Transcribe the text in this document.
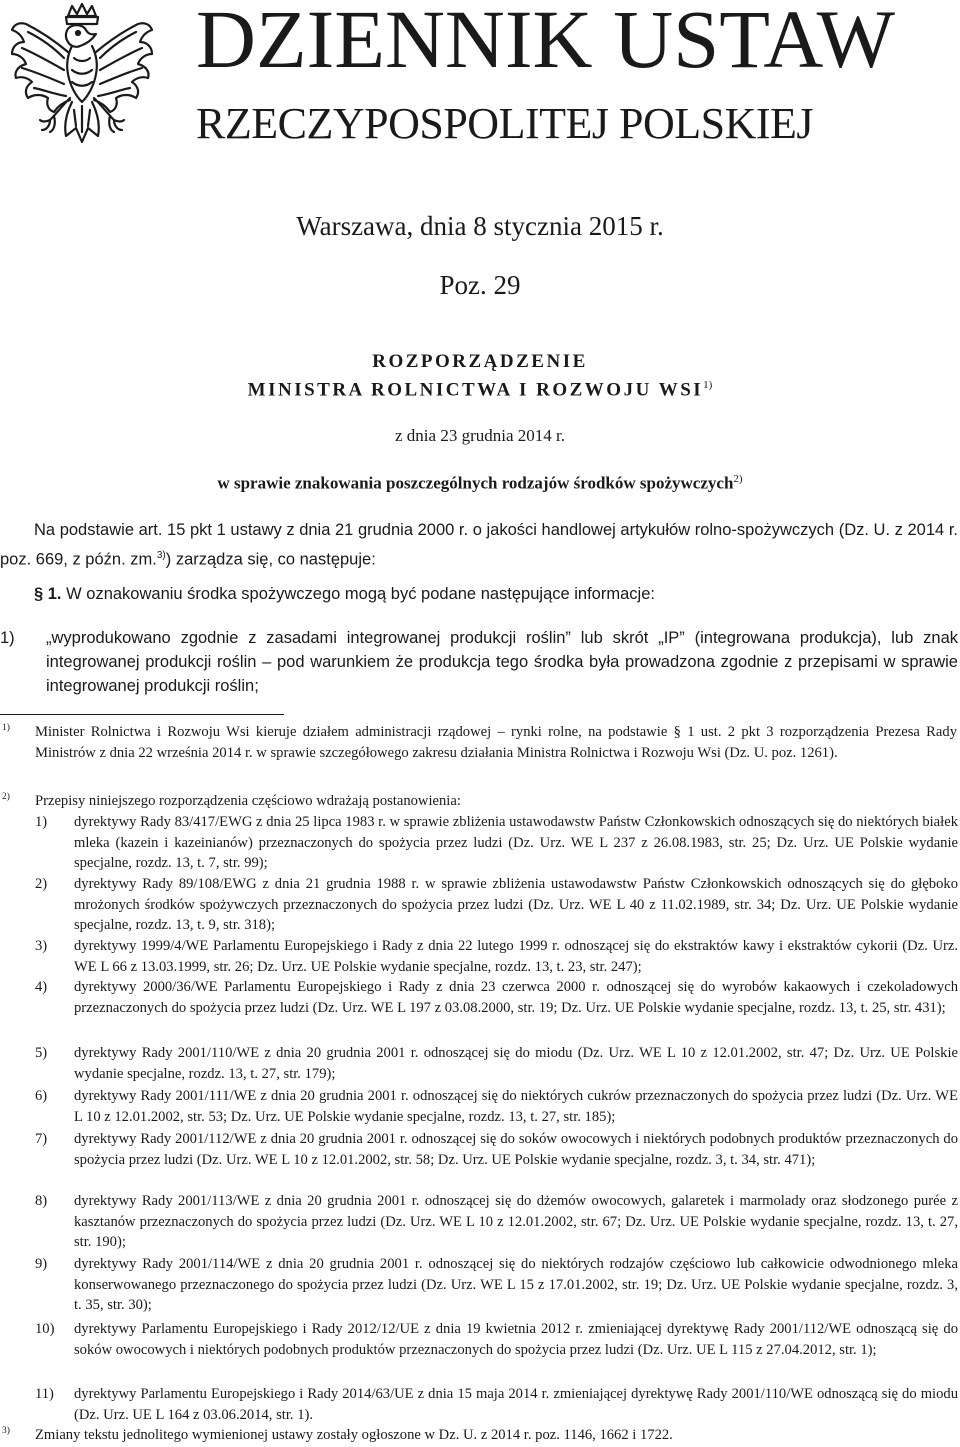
DZIENNIK USTAW
RZECZYPOSPOLITEJ POLSKIEJ
Warszawa, dnia 8 stycznia 2015 r.
Poz. 29
ROZPORZĄDZENIE
MINISTRA ROLNICTWA I ROZWOJU WSI$^{1)}$
z dnia 23 grudnia 2014 r.
w sprawie znakowania poszczególnych rodzajów środków spożywczych$^{2)}$
Na podstawie art. 15 pkt 1 ustawy z dnia 21 grudnia 2000 r. o jakości handlowej artykułów rolno-spożywczych (Dz. U. z 2014 r. poz. 669, z późn. zm.$^{3)}$) zarządza się, co następuje:
§ 1. W oznakowaniu środka spożywczego mogą być podane następujące informacje:
1) „wyprodukowano zgodnie z zasadami integrowanej produkcji roślin” lub skrót „IP” (integrowana produkcja), lub znak integrowanej produkcji roślin – pod warunkiem że produkcja tego środka była prowadzona zgodnie z przepisami w sprawie integrowanej produkcji roślin;
1) Minister Rolnictwa i Rozwoju Wsi kieruje działem administracji rządowej – rynki rolne, na podstawie § 1 ust. 2 pkt 3 rozporządzenia Prezesa Rady Ministrów z dnia 22 września 2014 r. w sprawie szczegółowego zakresu działania Ministra Rolnictwa i Rozwoju Wsi (Dz. U. poz. 1261).
2) Przepisy niniejszego rozporządzenia częściowo wdrażają postanowienia:
1) dyrektywy Rady 83/417/EWG z dnia 25 lipca 1983 r. w sprawie zbliżenia ustawodawstw Państw Członkowskich odnoszących się do niektórych białek mleka (kazein i kazeinianów) przeznaczonych do spożycia przez ludzi (Dz. Urz. WE L 237 z 26.08.1983, str. 25; Dz. Urz. UE Polskie wydanie specjalne, rozdz. 13, t. 7, str. 99);
2) dyrektywy Rady 89/108/EWG z dnia 21 grudnia 1988 r. w sprawie zbliżenia ustawodawstw Państw Członkowskich odnoszących się do głęboko mrożonych środków spożywczych przeznaczonych do spożycia przez ludzi (Dz. Urz. WE L 40 z 11.02.1989, str. 34; Dz. Urz. UE Polskie wydanie specjalne, rozdz. 13, t. 9, str. 318);
3) dyrektywy 1999/4/WE Parlamentu Europejskiego i Rady z dnia 22 lutego 1999 r. odnoszącej się do ekstraktów kawy i ekstraktów cykorii (Dz. Urz. WE L 66 z 13.03.1999, str. 26; Dz. Urz. UE Polskie wydanie specjalne, rozdz. 13, t. 23, str. 247);
4) dyrektywy 2000/36/WE Parlamentu Europejskiego i Rady z dnia 23 czerwca 2000 r. odnoszącej się do wyrobów kakaowych i czekoladowych przeznaczonych do spożycia przez ludzi (Dz. Urz. WE L 197 z 03.08.2000, str. 19; Dz. Urz. UE Polskie wydanie specjalne, rozdz. 13, t. 25, str. 431);
5) dyrektywy Rady 2001/110/WE z dnia 20 grudnia 2001 r. odnoszącej się do miodu (Dz. Urz. WE L 10 z 12.01.2002, str. 47; Dz. Urz. UE Polskie wydanie specjalne, rozdz. 13, t. 27, str. 179);
6) dyrektywy Rady 2001/111/WE z dnia 20 grudnia 2001 r. odnoszącej się do niektórych cukrów przeznaczonych do spożycia przez ludzi (Dz. Urz. WE L 10 z 12.01.2002, str. 53; Dz. Urz. UE Polskie wydanie specjalne, rozdz. 13, t. 27, str. 185);
7) dyrektywy Rady 2001/112/WE z dnia 20 grudnia 2001 r. odnoszącej się do soków owocowych i niektórych podobnych produktów przeznaczonych do spożycia przez ludzi (Dz. Urz. WE L 10 z 12.01.2002, str. 58; Dz. Urz. UE Polskie wydanie specjalne, rozdz. 3, t. 34, str. 471);
8) dyrektywy Rady 2001/113/WE z dnia 20 grudnia 2001 r. odnoszącej się do dżemów owocowych, galaretek i marmolady oraz słodzonego purée z kasztanów przeznaczonych do spożycia przez ludzi (Dz. Urz. WE L 10 z 12.01.2002, str. 67; Dz. Urz. UE Polskie wydanie specjalne, rozdz. 13, t. 27, str. 190);
9) dyrektywy Rady 2001/114/WE z dnia 20 grudnia 2001 r. odnoszącej się do niektórych rodzajów częściowo lub całkowicie odwodnionego mleka konserwowanego przeznaczonego do spożycia przez ludzi (Dz. Urz. WE L 15 z 17.01.2002, str. 19; Dz. Urz. UE Polskie wydanie specjalne, rozdz. 3, t. 35, str. 30);
10) dyrektywy Parlamentu Europejskiego i Rady 2012/12/UE z dnia 19 kwietnia 2012 r. zmieniającej dyrektywę Rady 2001/112/WE odnoszącą się do soków owocowych i niektórych podobnych produktów przeznaczonych do spożycia przez ludzi (Dz. Urz. UE L 115 z 27.04.2012, str. 1);
11) dyrektywy Parlamentu Europejskiego i Rady 2014/63/UE z dnia 15 maja 2014 r. zmieniającej dyrektywę Rady 2001/110/WE odnoszącą się do miodu (Dz. Urz. UE L 164 z 03.06.2014, str. 1).
3) Zmiany tekstu jednolitego wymienionej ustawy zostały ogłoszone w Dz. U. z 2014 r. poz. 1146, 1662 i 1722.
